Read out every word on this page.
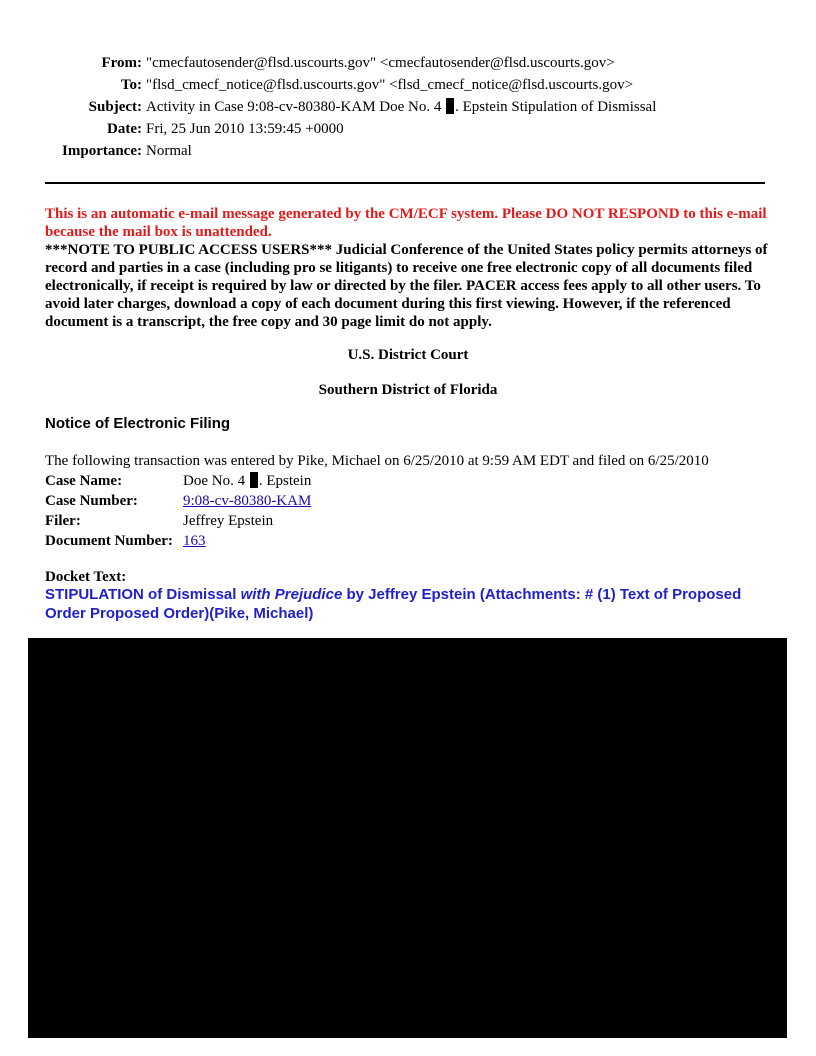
From: "cmecfautosender@flsd.uscourts.gov" <cmecfautosender@flsd.uscourts.gov>
To: "flsd_cmecf_notice@flsd.uscourts.gov" <flsd_cmecf_notice@flsd.uscourts.gov>
Subject: Activity in Case 9:08-cv-80380-KAM Doe No. 4 . Epstein Stipulation of Dismissal
Date: Fri, 25 Jun 2010 13:59:45 +0000
Importance: Normal
This is an automatic e-mail message generated by the CM/ECF system. Please DO NOT RESPOND to this e-mail because the mail box is unattended.
***NOTE TO PUBLIC ACCESS USERS*** Judicial Conference of the United States policy permits attorneys of record and parties in a case (including pro se litigants) to receive one free electronic copy of all documents filed electronically, if receipt is required by law or directed by the filer. PACER access fees apply to all other users. To avoid later charges, download a copy of each document during this first viewing. However, if the referenced document is a transcript, the free copy and 30 page limit do not apply.
U.S. District Court
Southern District of Florida
Notice of Electronic Filing
The following transaction was entered by Pike, Michael on 6/25/2010 at 9:59 AM EDT and filed on 6/25/2010
Case Name:	Doe No. 4 . Epstein
Case Number:	9:08-cv-80380-KAM
Filer:	Jeffrey Epstein
Document Number: 163
Docket Text:
STIPULATION of Dismissal with Prejudice by Jeffrey Epstein (Attachments: # (1) Text of Proposed Order Proposed Order)(Pike, Michael)
